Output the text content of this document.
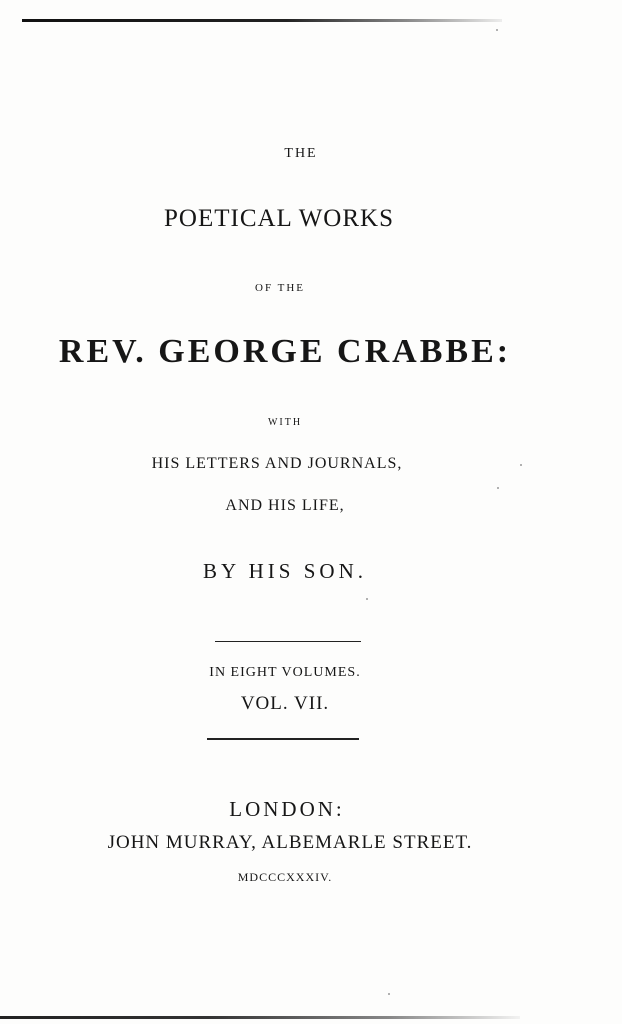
THE
POETICAL WORKS
OF THE
REV. GEORGE CRABBE:
WITH
HIS LETTERS AND JOURNALS,
AND HIS LIFE,
BY HIS SON.
IN EIGHT VOLUMES.
VOL. VII.
LONDON:
JOHN MURRAY, ALBEMARLE STREET.
MDCCCXXXIV.
